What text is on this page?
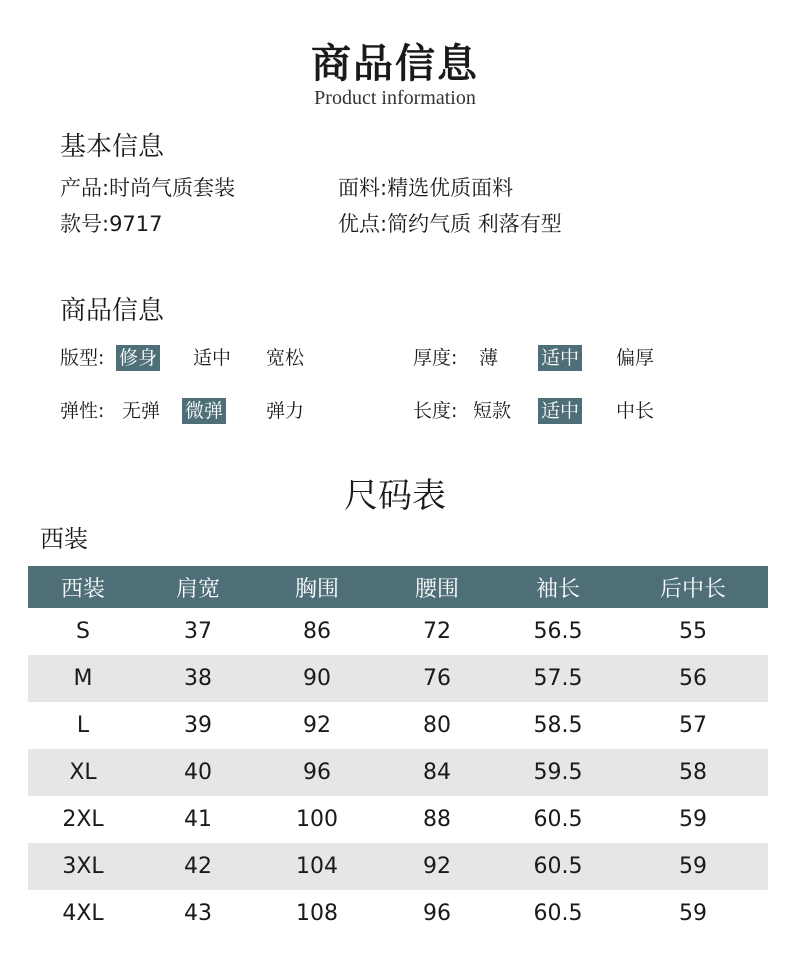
商品信息
Product information
基本信息
产品:时尚气质套装	面料:精选优质面料
款号:9717	优点:简约气质 利落有型
商品信息
版型: 修身 适中 宽松	厚度: 薄 适中 偏厚
弹性: 无弹 微弹 弹力	长度: 短款 适中 中长
尺码表
西装
西装	肩宽	胸围	腰围	袖长	后中长
S	37	86	72	56.5	55
M	38	90	76	57.5	56
L	39	92	80	58.5	57
XL	40	96	84	59.5	58
2XL	41	100	88	60.5	59
3XL	42	104	92	60.5	59
4XL	43	108	96	60.5	59
